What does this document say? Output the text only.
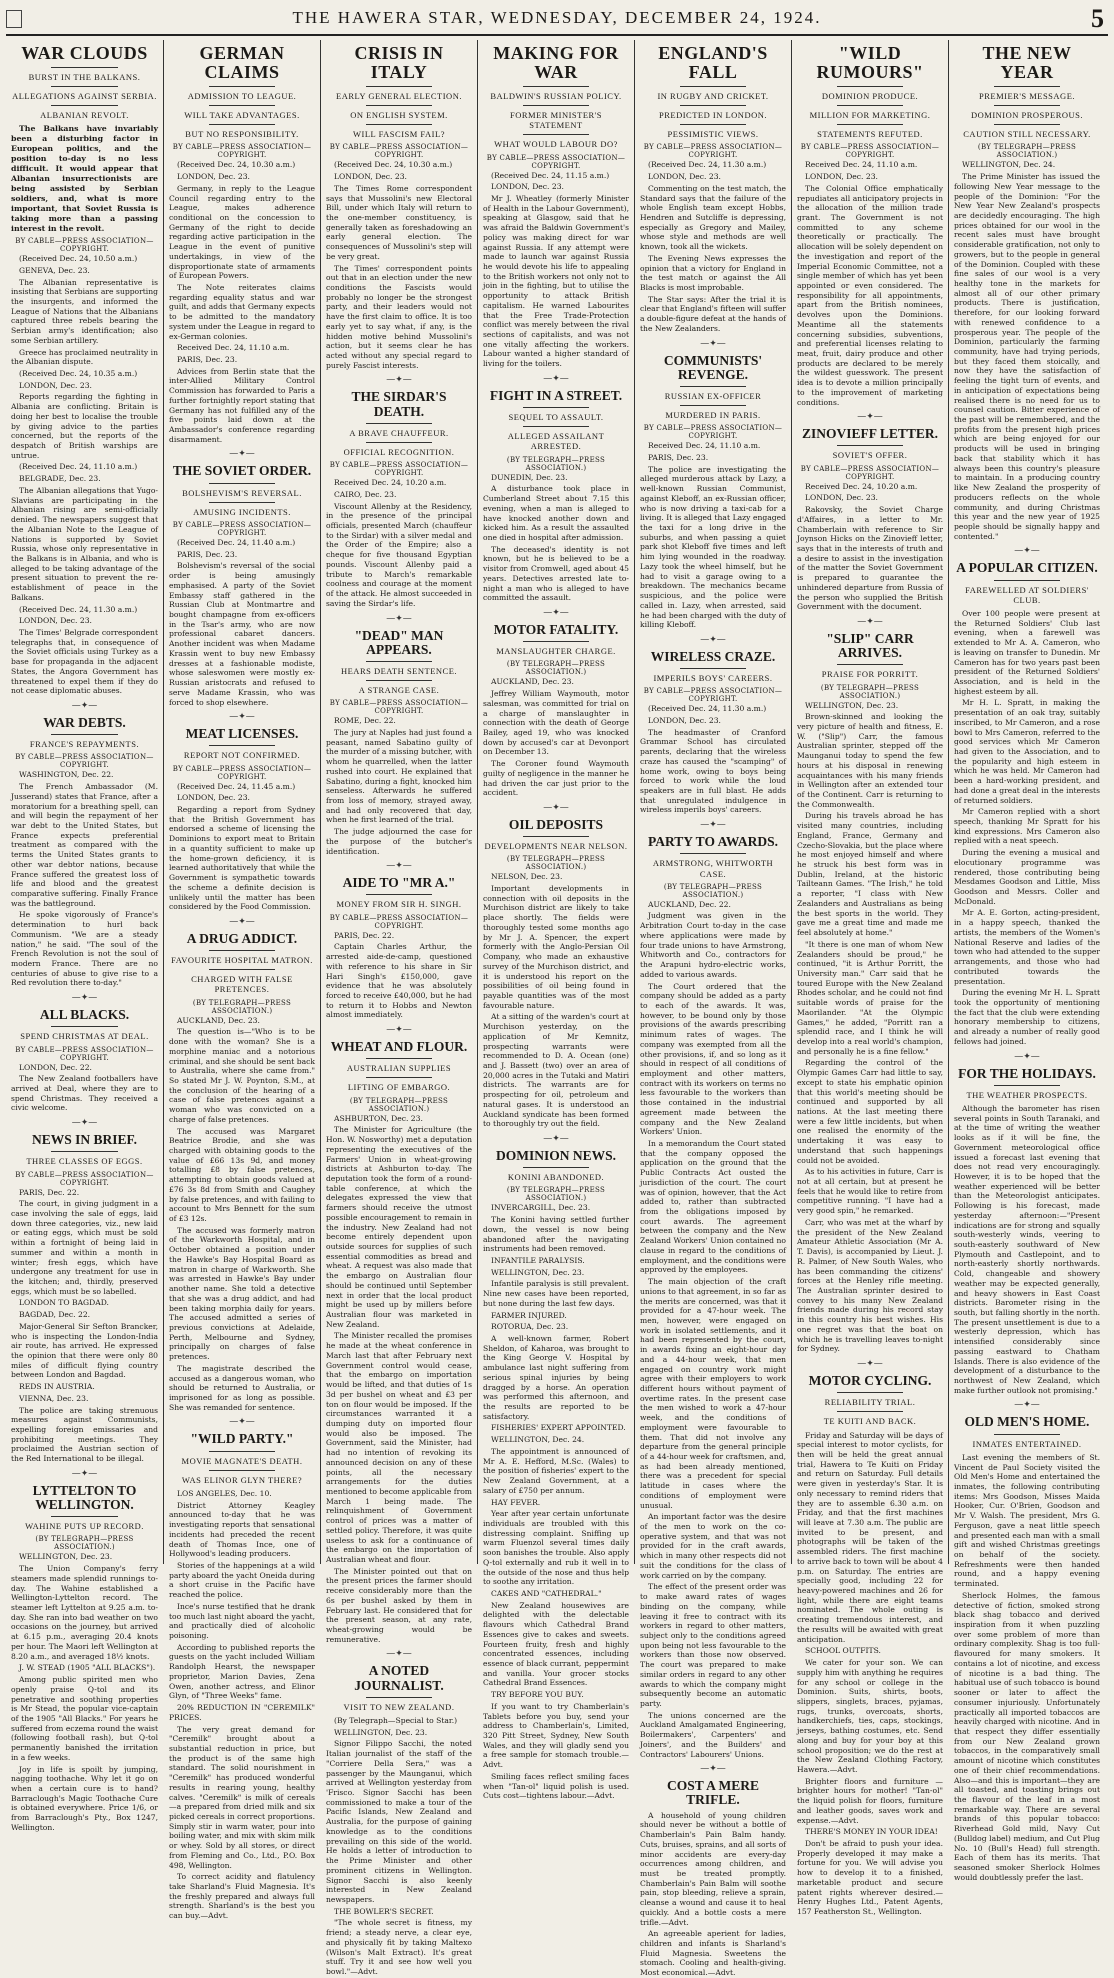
THE HAWERA STAR, WEDNESDAY, DECEMBER 24, 1924.	5
WAR CLOUDS
BURST IN THE BALKANS.
ALLEGATIONS AGAINST SERBIA.
ALBANIAN REVOLT.

The Balkans have invariably been a disturbing factor in European politics, and the position to-day is no less difficult. It would appear that Albanian insurrectionists are being assisted by Serbian soldiers, and, what is more important, that Soviet Russia is taking more than a passing interest in the revolt.

BY CABLE—PRESS ASSOCIATION—COPYRIGHT.

(Received Dec. 24, 10.50 a.m.)

GENEVA, Dec. 23.

The Albanian representative is insisting that Serbians are supporting the insurgents, and informed the League of Nations that the Albanians captured three rebels bearing the Serbian army's identification; also some Serbian artillery.

Greece has proclaimed neutrality in the Albanian dispute.

(Received Dec. 24, 10.35 a.m.)

LONDON, Dec. 23.

Reports regarding the fighting in Albania are conflicting. Britain is doing her best to localise the trouble by giving advice to the parties concerned, but the reports of the despatch of British warships are untrue.

(Received Dec. 24, 11.10 a.m.)

BELGRADE, Dec. 23.

The Albanian allegations that Yugo-Slavians are participating in the Albanian rising are semi-officially denied. The newspapers suggest that the Albanian Note to the League of Nations is supported by Soviet Russia, whose only representative in the Balkans is in Albania, and who is alleged to be taking advantage of the present situation to prevent the re-establishment of peace in the Balkans.

(Received Dec. 24, 11.30 a.m.)

LONDON, Dec. 23.

The Times' Belgrade correspondent telegraphs that, in consequence of the Soviet officials using Turkey as a base for propaganda in the adjacent States, the Angora Government has threatened to expel them if they do not cease diplomatic abuses.

—✦—
WAR DEBTS.
FRANCE'S REPAYMENTS.
BY CABLE—PRESS ASSOCIATION—COPYRIGHT.

WASHINGTON, Dec. 22.

The French Ambassador (M. Jusserand) states that France, after a moratorium for a breathing spell, can and will begin the repayment of her war debt to the United States, but France expects preferential treatment as compared with the terms the United States grants to other war debtor nations, because France suffered the greatest loss of life and blood and the greatest comparative suffering. Finally France was the battleground.

He spoke vigorously of France's determination to hurl back Communism. "We are a steady nation," he said. "The soul of the French Revolution is not the soul of modern France. There are no centuries of abuse to give rise to a Red revolution there to-day."

—✦—
ALL BLACKS.
SPEND CHRISTMAS AT DEAL.
BY CABLE—PRESS ASSOCIATION—COPYRIGHT.

LONDON, Dec. 22.

The New Zealand footballers have arrived at Deal, where they are to spend Christmas. They received a civic welcome.

—✦—
NEWS IN BRIEF.
THREE CLASSES OF EGGS.
BY CABLE—PRESS ASSOCIATION—COPYRIGHT.

PARIS, Dec. 22.

The court, in giving judgment in a case involving the sale of eggs, laid down three categories, viz., new laid or eating eggs, which must be sold within a fortnight of being laid in summer and within a month in winter; fresh eggs, which have undergone any treatment for use in the kitchen; and, thirdly, preserved eggs, which must be so labelled.

LONDON TO BAGDAD.

BAGDAD, Dec. 22.

Major-General Sir Sefton Brancker, who is inspecting the London-India air route, has arrived. He expressed the opinion that there were only 80 miles of difficult flying country between London and Bagdad.

REDS IN AUSTRIA.

VIENNA, Dec. 23.

The police are taking strenuous measures against Communists, expelling foreign emissaries and prohibiting meetings. They proclaimed the Austrian section of the Red International to be illegal.

—✦—
LYTTELTON TO WELLINGTON.
WAHINE PUTS UP RECORD.
(BY TELEGRAPH—PRESS ASSOCIATION.)

WELLINGTON, Dec. 23.

The Union Company's ferry steamers made splendid runnings to-day. The Wahine established a Wellington-Lyttelton record. The steamer left Lyttelton at 9.25 a.m. to-day. She ran into bad weather on two occasions on the journey, but arrived at 6.15 p.m., averaging 20.4 knots per hour. The Maori left Wellington at 8.20 a.m., and averaged 18½ knots.

J. W. STEAD (1905 "ALL BLACKS").

Among public spirited men who openly praise Q-tol and its penetrative and soothing properties is Mr Stead, the popular vice-captain of the 1905 "All Blacks." For years he suffered from eczema round the waist (following football rash), but Q-tol permanently banished the irritation in a few weeks.

Joy in life is spoilt by jumping, nagging toothache. Why let it go on when a certain cure is to hand? Barraclough's Magic Toothache Cure is obtained everywhere. Price 1/6, or from Barraclough's Pty., Box 1247, Wellington.

GERMAN CLAIMS
ADMISSION TO LEAGUE.
WILL TAKE ADVANTAGES.
BUT NO RESPONSIBILITY.
BY CABLE—PRESS ASSOCIATION—COPYRIGHT.

(Received Dec. 24, 10.30 a.m.)

LONDON, Dec. 23.

Germany, in reply to the League Council regarding entry to the League, makes adherence conditional on the concession to Germany of the right to decide regarding active participation in the League in the event of punitive undertakings, in view of the disproportionate state of armaments of European Powers.

The Note reiterates claims regarding equality status and war guilt, and adds that Germany expects to be admitted to the mandatory system under the League in regard to ex-German colonies.

Received Dec. 24, 11.10 a.m.

PARIS, Dec. 23.

Advices from Berlin state that the inter-Allied Military Control Commission has forwarded to Paris a further fortnightly report stating that Germany has not fulfilled any of the five points laid down at the Ambassador's conference regarding disarmament.

—✦—
THE SOVIET ORDER.
BOLSHEVISM'S REVERSAL.
AMUSING INCIDENTS.
BY CABLE—PRESS ASSOCIATION—COPYRIGHT.

(Received Dec. 24, 11.40 a.m.)

PARIS, Dec. 23.

Bolshevism's reversal of the social order is being amusingly emphasised. A party of the Soviet Embassy staff gathered in the Russian Club at Montmartre and bought champagne from ex-officers in the Tsar's army, who are now professional cabaret dancers. Another incident was when Madame Krassin went to buy new Embassy dresses at a fashionable modiste, whose saleswomen were mostly ex-Russian aristocrats and refused to serve Madame Krassin, who was forced to shop elsewhere.

—✦—
MEAT LICENSES.
REPORT NOT CONFIRMED.
BY CABLE—PRESS ASSOCIATION—COPYRIGHT.

(Received Dec. 24, 11.45 a.m.)

LONDON, Dec. 23.

Regarding a report from Sydney that the British Government has endorsed a scheme of licensing the Dominions to export meat to Britain in a quantity sufficient to make up the home-grown deficiency, it is learned authoritatively that while the Government is sympathetic towards the scheme a definite decision is unlikely until the matter has been considered by the Food Commission.

—✦—
A DRUG ADDICT.
FAVOURITE HOSPITAL MATRON.
CHARGED WITH FALSE PRETENCES.
(BY TELEGRAPH—PRESS ASSOCIATION.)

AUCKLAND, Dec. 23.

The question is—"Who is to be done with the woman? She is a morphine maniac and a notorious criminal, and she should be sent back to Australia, where she came from." So stated Mr J. W. Poynton, S.M., at the conclusion of the hearing of a case of false pretences against a woman who was convicted on a charge of false pretences.

The accused was Margaret Beatrice Brodie, and she was charged with obtaining goods to the value of £66 13s 9d, and money totalling £8 by false pretences, attempting to obtain goods valued at £76 3s 8d from Smith and Caughey by false pretences, and with failing to account to Mrs Bennett for the sum of £3 12s.

The accused was formerly matron of the Warkworth Hospital, and in October obtained a position under the Hawke's Bay Hospital Board as matron in charge of Warkworth. She was arrested in Hawke's Bay under another name. She told a detective that she was a drug addict, and had been taking morphia daily for years. The accused admitted a series of previous convictions at Adelaide, Perth, Melbourne and Sydney, principally on charges of false pretences.

The magistrate described the accused as a dangerous woman, who should be returned to Australia, or imprisoned for as long as possible. She was remanded for sentence.

—✦—
"WILD PARTY."
MOVIE MAGNATE'S DEATH.
WAS ELINOR GLYN THERE?

LOS ANGELES, Dec. 10.

District Attorney Keagley announced to-day that he was investigating reports that sensational incidents had preceded the recent death of Thomas Ince, one of Hollywood's leading producers.

Stories of the happenings at a wild party aboard the yacht Oneida during a short cruise in the Pacific have reached the police.

Ince's nurse testified that he drank too much last night aboard the yacht, and practically died of alcoholic poisoning.

According to published reports the guests on the yacht included William Randolph Hearst, the newspaper proprietor, Marion Davies, Zena Owen, another actress, and Elinor Glyn, of "Three Weeks" fame.

20% REDUCTION IN "CEREMILK" PRICES.

The very great demand for "Ceremilk" brought about a substantial reduction in price, but the product is of the same high standard. The solid nourishment in "Ceremilk" has produced wonderful results in rearing young, healthy calves. "Ceremilk" is milk of cereals—a prepared from dried milk and six picked cereals in correct proportions. Simply stir in warm water, pour into boiling water, and mix with skim milk or whey. Sold by all stores, or direct from Fleming and Co., Ltd., P.O. Box 498, Wellington.

To correct acidity and flatulency take Sharland's Fluid Magnesia. It's the freshly prepared and always full strength. Sharland's is the best you can buy.—Advt.

CRISIS IN ITALY
EARLY GENERAL ELECTION.
ON ENGLISH SYSTEM.
WILL FASCISM FAIL?
BY CABLE—PRESS ASSOCIATION—COPYRIGHT.

(Received Dec. 24, 10.30 a.m.)

LONDON, Dec. 23.

The Times Rome correspondent says that Mussolini's new Electoral Bill, under which Italy will return to the one-member constituency, is generally taken as foreshadowing an early general election. The consequences of Mussolini's step will be very great.

The Times' correspondent points out that in an election under the new conditions the Fascists would probably no longer be the strongest party, and their leaders would not have the first claim to office. It is too early yet to say what, if any, is the hidden motive behind Mussolini's action, but it seems clear he has acted without any special regard to purely Fascist interests.

—✦—
THE SIRDAR'S DEATH.
A BRAVE CHAUFFEUR.
OFFICIAL RECOGNITION.
BY CABLE—PRESS ASSOCIATION—COPYRIGHT.

Received Dec. 24, 10.20 a.m.

CAIRO, Dec. 23.

Viscount Allenby at the Residency, in the presence of the principal officials, presented March (chauffeur to the Sirdar) with a silver medal and the Order of the Empire; also a cheque for five thousand Egyptian pounds. Viscount Allenby paid a tribute to March's remarkable coolness and courage at the moment of the attack. He almost succeeded in saving the Sirdar's life.

—✦—
"DEAD" MAN APPEARS.
HEARS DEATH SENTENCE.
A STRANGE CASE.
BY CABLE—PRESS ASSOCIATION—COPYRIGHT.

ROME, Dec. 22.

The jury at Naples had just found a peasant, named Sabatino guilty of the murder of a missing butcher, with whom he quarrelled, when the latter rushed into court. He explained that Sabatino, during a fight, knocked him senseless. Afterwards he suffered from loss of memory, strayed away, and had only recovered that day, when he first learned of the trial.

The judge adjourned the case for the purpose of the butcher's identification.

—✦—
AIDE TO "MR A."
MONEY FROM SIR H. SINGH.
BY CABLE—PRESS ASSOCIATION—COPYRIGHT.

PARIS, Dec. 22.

Captain Charles Arthur, the arrested aide-de-camp, questioned with reference to his share in Sir Hari Singh's £150,000, gave evidence that he was absolutely forced to receive £40,000, but he had to return it to Hobbs and Newton almost immediately.

—✦—
WHEAT AND FLOUR.
AUSTRALIAN SUPPLIES
LIFTING OF EMBARGO.
(BY TELEGRAPH—PRESS ASSOCIATION.)

ASHBURTON, Dec. 23.

The Minister for Agriculture (the Hon. W. Nosworthy) met a deputation representing the executives of the Farmers' Union in wheat-growing districts at Ashburton to-day. The deputation took the form of a round-table conference, at which the delegates expressed the view that farmers should receive the utmost possible encouragement to remain in the industry. New Zealand had not become entirely dependent upon outside sources for supplies of such essential commodities as bread and wheat. A request was also made that the embargo on Australian flour should be continued until September next in order that the local product might be used up by millers before Australian flour was marketed in New Zealand.

The Minister recalled the promises he made at the wheat conference in March last that after February next Government control would cease, that the embargo on importation would be lifted, and that duties of 1s 3d per bushel on wheat and £3 per ton on flour would be imposed. If the circumstances warranted it a dumping duty on imported flour would also be imposed. The Government, said the Minister, had had no intention of revoking its announced decision on any of these points, all the necessary arrangements for the duties mentioned to become applicable from March 1 being made. The relinquishment of Government control of prices was a matter of settled policy. Therefore, it was quite useless to ask for a continuance of the embargo on the importation of Australian wheat and flour.

The Minister pointed out that on the present prices the farmer should receive considerably more than the 6s per bushel asked by them in February last. He considered that for the present season, at any rate, wheat-growing would be remunerative.

—✦—
A NOTED JOURNALIST.
VISIT TO NEW ZEALAND.

(By Telegraph—Special to Star.)

WELLINGTON, Dec. 23.

Signor Filippo Sacchi, the noted Italian journalist of the staff of the "Corriere Della Sera," was a passenger by the Maunganui, which arrived at Wellington yesterday from 'Frisco. Signor Sacchi has been commissioned to make a tour of the Pacific Islands, New Zealand and Australia, for the purpose of gaining knowledge as to the conditions prevailing on this side of the world. He holds a letter of introduction to the Prime Minister and other prominent citizens in Wellington. Signor Sacchi is also keenly interested in New Zealand newspapers.

THE BOWLER'S SECRET.

"The whole secret is fitness, my friend; a steady nerve, a clear eye, and physically fit by taking Maltexo (Wilson's Malt Extract). It's great stuff. Try it and see how well you bowl."—Advt.

MAKING FOR WAR
BALDWIN'S RUSSIAN POLICY.
FORMER MINISTER'S STATEMENT
WHAT WOULD LABOUR DO?
BY CABLE—PRESS ASSOCIATION—COPYRIGHT.

(Received Dec. 24, 11.15 a.m.)

LONDON, Dec. 23.

Mr J. Wheatley (formerly Minister of Health in the Labour Government), speaking at Glasgow, said that he was afraid the Baldwin Government's policy was making direct for war against Russia. If any attempt were made to launch war against Russia he would devote his life to appealing to the British workers not only not to join in the fighting, but to utilise the opportunity to attack British capitalism. He warned Labourites that the Free Trade-Protection conflict was merely between the rival sections of capitalists, and was not one vitally affecting the workers. Labour wanted a higher standard of living for the toilers.

—✦—
FIGHT IN A STREET.
SEQUEL TO ASSAULT.
ALLEGED ASSAILANT ARRESTED.
(BY TELEGRAPH—PRESS ASSOCIATION.)

DUNEDIN, Dec. 23.

A disturbance took place in Cumberland Street about 7.15 this evening, when a man is alleged to have knocked another down and kicked him. As a result the assaulted one died in hospital after admission.

The deceased's identity is not known, but he is believed to be a visitor from Cromwell, aged about 45 years. Detectives arrested late to-night a man who is alleged to have committed the assault.

—✦—
MOTOR FATALITY.
MANSLAUGHTER CHARGE.
(BY TELEGRAPH—PRESS ASSOCIATION.)

AUCKLAND, Dec. 23.

Jeffrey William Waymouth, motor salesman, was committed for trial on a charge of manslaughter in connection with the death of George Bailey, aged 19, who was knocked down by accused's car at Devonport on December 13.

The Coroner found Waymouth guilty of negligence in the manner he had driven the car just prior to the accident.

—✦—
OIL DEPOSITS
DEVELOPMENTS NEAR NELSON.
(BY TELEGRAPH—PRESS ASSOCIATION.)

NELSON, Dec. 23.

Important developments in connection with oil deposits in the Murchison district are likely to take place shortly. The fields were thoroughly tested some months ago by Mr J. A. Spencer, the expert formerly with the Anglo-Persian Oil Company, who made an exhaustive survey of the Murchison district, and it is understood his report on the possibilities of oil being found in payable quantities was of the most favourable nature.

At a sitting of the warden's court at Murchison yesterday, on the application of Mr Kemnitz, prospecting warrants were recommended to D. A. Ocean (one) and J. Bassett (two) over an area of 20,000 acres in the Tutaki and Matiri districts. The warrants are for prospecting for oil, petroleum and natural gases. It is understood an Auckland syndicate has been formed to thoroughly try out the field.

—✦—
DOMINION NEWS.
KONINI ABANDONED.
(BY TELEGRAPH—PRESS ASSOCIATION.)

INVERCARGILL, Dec. 23.

The Konini having settled further down, the vessel is now being abandoned after the navigating instruments had been removed.

INFANTILE PARALYSIS.

WELLINGTON, Dec. 23.

Infantile paralysis is still prevalent. Nine new cases have been reported, but none during the last few days.

FARMER INJURED.

ROTORUA, Dec. 23.

A well-known farmer, Robert Sheldon, of Kaharoa, was brought to the King George V. Hospital by ambulance last night suffering from serious spinal injuries by being dragged by a horse. An operation was performed this afternoon, and the results are reported to be satisfactory.

FISHERIES' EXPERT APPOINTED.

WELLINGTON, Dec. 24.

The appointment is announced of Mr A. E. Hefford, M.Sc. (Wales) to the position of fisheries' expert to the New Zealand Government, at a salary of £750 per annum.

HAY FEVER.

Year after year certain unfortunate individuals are troubled with this distressing complaint. Sniffing up warm Fluenzol several times daily soon banishes the trouble. Also apply Q-tol externally and rub it well in to the outside of the nose and thus help to soothe any irritation.

CAKES AND "CATHEDRAL."

New Zealand housewives are delighted with the delectable flavours which Cathedral Brand Essences give to cakes and sweets. Fourteen fruity, fresh and highly concentrated essences, including essence of black currant, peppermint and vanilla. Your grocer stocks Cathedral Brand Essences.

TRY BEFORE YOU BUY.

If you want to try Chamberlain's Tablets before you buy, send your address to Chamberlain's, Limited, 320 Pitt Street, Sydney, New South Wales, and they will gladly send you a free sample for stomach trouble.—Advt.

Smiling faces reflect smiling faces when "Tan-ol" liquid polish is used. Cuts cost—tightens labour.—Advt.

ENGLAND'S FALL
IN RUGBY AND CRICKET.
PREDICTED IN LONDON.
PESSIMISTIC VIEWS.
BY CABLE—PRESS ASSOCIATION—COPYRIGHT.

(Received Dec. 24, 11.30 a.m.)

LONDON, Dec. 23.

Commenting on the test match, the Standard says that the failure of the whole English team except Hobbs, Hendren and Sutcliffe is depressing, especially as Gregory and Mailey, whose style and methods are well known, took all the wickets.

The Evening News expresses the opinion that a victory for England in the test match or against the All Blacks is most improbable.

The Star says: After the trial it is clear that England's fifteen will suffer a double-figure defeat at the hands of the New Zealanders.

—✦—
COMMUNISTS' REVENGE.
RUSSIAN EX-OFFICER
MURDERED IN PARIS.
BY CABLE—PRESS ASSOCIATION—COPYRIGHT.

Received Dec. 24, 11.10 a.m.

PARIS, Dec. 23.

The police are investigating the alleged murderous attack by Lazy, a well-known Russian Communist, against Kleboff, an ex-Russian officer, who is now driving a taxi-cab for a living. It is alleged that Lazy engaged the taxi for a long drive in the suburbs, and when passing a quiet park shot Kleboff five times and left him lying wounded in the roadway. Lazy took the wheel himself, but he had to visit a garage owing to a breakdown. The mechanics became suspicious, and the police were called in. Lazy, when arrested, said he had been charged with the duty of killing Kleboff.

—✦—
WIRELESS CRAZE.
IMPERILS BOYS' CAREERS.
BY CABLE—PRESS ASSOCIATION—COPYRIGHT.

(Received Dec. 24, 11.30 a.m.)

LONDON, Dec. 23.

The headmaster of Cranford Grammar School has circulated parents, declaring that the wireless craze has caused the "scamping" of home work, owing to boys being forced to work while the loud speakers are in full blast. He adds that unregulated indulgence in wireless imperils boys' careers.

—✦—
PARTY TO AWARDS.
ARMSTRONG, WHITWORTH CASE.
(BY TELEGRAPH—PRESS ASSOCIATION.)

AUCKLAND, Dec. 22.

Judgment was given in the Arbitration Court to-day in the case where applications were made by four trade unions to have Armstrong, Whitworth and Co., contractors for the Arapuni hydro-electric works, added to various awards.

The Court ordered that the company should be added as a party to each of the awards. It was, however, to be bound only by those provisions of the awards prescribing minimum rates of wages. The company was exempted from all the other provisions, if, and so long as it should in respect of all conditions of employment and other matters, contract with its workers on terms no less favourable to the workers than those contained in the industrial agreement made between the company and the New Zealand Workers' Union.

In a memorandum the Court stated that the company opposed the application on the ground that the Public Contracts Act ousted the jurisdiction of the court. The court was of opinion, however, that the Act added to, rather than subtracted from the obligations imposed by court awards. The agreement between the company and the New Zealand Workers' Union contained no clause in regard to the conditions of employment, and the conditions were approved by the employees.

The main objection of the craft unions to that agreement, in so far as the merits are concerned, was that it provided for a 47-hour week. The men, however, were engaged on work in isolated settlements, and it had been represented by the court, in awards fixing an eight-hour day and a 44-hour week, that men engaged on country work might agree with their employers to work different hours without payment of overtime rates. In the present case the men wished to work a 47-hour week, and the conditions of employment were favourable to them. That did not involve any departure from the general principle of a 44-hour week for craftsmen, and, as had been already mentioned, there was a precedent for special latitude in cases where the conditions of employment were unusual.

An important factor was the desire of the men to work on the co-operative system, and that was not provided for in the craft awards, which in many other respects did not suit the conditions for the class of work carried on by the company.

The effect of the present order was to make award rates of wages binding on the company, while leaving it free to contract with its workers in regard to other matters, subject only to the conditions agreed upon being not less favourable to the workers than those now observed. The court was prepared to make similar orders in regard to any other awards to which the company might subsequently become an automatic party.

The unions concerned are the Auckland Amalgamated Engineering, Boilermakers', Carpenters' and Joiners', and the Builders' and Contractors' Labourers' Unions.

—✦—
COST A MERE TRIFLE.

A household of young children should never be without a bottle of Chamberlain's Pain Balm handy. Cuts, bruises, sprains, and all sorts of minor accidents are every-day occurrences among children, and must be treated promptly. Chamberlain's Pain Balm will soothe pain, stop bleeding, relieve a sprain, cleanse a wound and cause it to heal quickly. And a bottle costs a mere trifle.—Advt.

An agreeable aperient for ladies, children and infants is Sharland's Fluid Magnesia. Sweetens the stomach. Cooling and health-giving. Most economical.—Advt.

"WILD RUMOURS"
DOMINION PRODUCE.
MILLION FOR MARKETING.
STATEMENTS REFUTED.
BY CABLE—PRESS ASSOCIATION—COPYRIGHT.

Received Dec. 24, 11.10 a.m.

LONDON, Dec. 23.

The Colonial Office emphatically repudiates all anticipatory projects in the allocation of the million trade grant. The Government is not committed to any scheme theoretically or practically. The allocation will be solely dependent on the investigation and report of the Imperial Economic Committee, not a single member of which has yet been appointed or even considered. The responsibility for all appointments, apart from the British nominees, devolves upon the Dominions. Meantime all the statements concerning subsidies, subventions, and preferential licenses relating to meat, fruit, dairy produce and other products are declared to be merely the wildest guesswork. The present idea is to devote a million principally to the improvement of marketing conditions.

—✦—
ZINOVIEFF LETTER.
SOVIET'S OFFER.
BY CABLE—PRESS ASSOCIATION—COPYRIGHT.

Received Dec. 24, 10.20 a.m.

LONDON, Dec. 23.

Rakovsky, the Soviet Charge d'Affaires, in a letter to Mr. Chamberlain with reference to Sir Joynson Hicks on the Zinovieff letter, says that in the interests of truth and a desire to assist in the investigation of the matter the Soviet Government is prepared to guarantee the unhindered departure from Russia of the person who supplied the British Government with the document.

—✦—
"SLIP" CARR ARRIVES.
PRAISE FOR PORRITT.
(BY TELEGRAPH—PRESS ASSOCIATION.)

WELLINGTON, Dec. 23.

Brown-skinned and looking the very picture of health and fitness, E. W. ("Slip") Carr, the famous Australian sprinter, stepped off the Maunganui today to spend the few hours at his disposal in renewing acquaintances with his many friends in Wellington after an extended tour of the Continent. Carr is returning to the Commonwealth.

During his travels abroad he has visited many countries, including England, France, Germany and Czecho-Slovakia, but the place where he most enjoyed himself and where he struck his best form was in Dublin, Ireland, at the historic Tailteann Games. "The Irish," he told a reporter, "I class with New Zealanders and Australians as being the best sports in the world. They gave me a great time and made me feel absolutely at home."

"It there is one man of whom New Zealanders should be proud," he continued, "it is Arthur Porritt, the University man." Carr said that he toured Europe with the New Zealand Rhodes scholar, and he could not find suitable words of praise for the Maorilander. "At the Olympic Games," he added, "Porritt ran a splendid race, and I think he will develop into a real world's champion, and personally he is a fine fellow."

Regarding the control of the Olympic Games Carr had little to say, except to state his emphatic opinion that this world's meeting should be continued and supported by all nations. At the last meeting there were a few little incidents, but when one realised the enormity of the undertaking it was easy to understand that such happenings could not be avoided.

As to his activities in future, Carr is not at all certain, but at present he feels that he would like to retire from competitive running. "I have had a very good spin," he remarked.

Carr, who was met at the wharf by the president of the New Zealand Amateur Athletic Association (Mr A. T. Davis), is accompanied by Lieut. J. R. Palmer, of New South Wales, who has been commanding the citizens' forces at the Henley rifle meeting. The Australian sprinter desired to convey to his many New Zealand friends made during his record stay in this country his best wishes. His one regret was that the boat on which he is travelling leaves to-night for Sydney.

—✦—
MOTOR CYCLING.
RELIABILITY TRIAL.
TE KUITI AND BACK.

Friday and Saturday will be days of special interest to motor cyclists, for then will be held the great annual trial, Hawera to Te Kuiti on Friday and return on Saturday. Full details were given in yesterday's Star. It is only necessary to remind riders that they are to assemble 6.30 a.m. on Friday, and that the first machines will leave at 7.30 a.m. The public are invited to be present, and photographs will be taken of the assembled riders. The first machine to arrive back to town will be about 4 p.m. on Saturday. The entries are specially good, including 22 for heavy-powered machines and 26 for light, while there are eight teams nominated. The whole outing is creating tremendous interest, and the results will be awaited with great anticipation.

SCHOOL OUTFITS.

We cater for your son. We can supply him with anything he requires for any school or college in the Dominion. Suits, shirts, boots, slippers, singlets, braces, pyjamas, rugs, trunks, overcoats, shorts, handkerchiefs, ties, caps, stockings, jerseys, bathing costumes, etc. Send along and buy for your boy at this school proposition; we do the rest at the New Zealand Clothing Factory, Hawera.—Advt.

Brighter floors and furniture — brighter hours for mother! "Tan-ol" the liquid polish for floors, furniture and leather goods, saves work and expense.—Advt.

THERE'S MONEY IN YOUR IDEA!

Don't be afraid to push your idea. Properly developed it may make a fortune for you. We will advise you how to develop it to a finished, marketable product and secure patent rights wherever desired.—Henry Hughes Ltd., Patent Agents, 157 Featherston St., Wellington.

THE NEW YEAR
PREMIER'S MESSAGE.
DOMINION PROSPEROUS.
CAUTION STILL NECESSARY.
(BY TELEGRAPH—PRESS ASSOCIATION.)

WELLINGTON, Dec. 24.

The Prime Minister has issued the following New Year message to the people of the Dominion: "For the New Year New Zealand's prospects are decidedly encouraging. The high prices obtained for our wool in the recent sales must have brought considerable gratification, not only to growers, but to the people in general of the Dominion. Coupled with these fine sales of our wool is a very healthy tone in the markets for almost all of our other primary products. There is justification, therefore, for our looking forward with renewed confidence to a prosperous year. The people of the Dominion, particularly the farming community, have had trying periods, but they faced them stoically, and now they have the satisfaction of feeling the tight turn of events, and in anticipation of expectations being realised there is no need for us to counsel caution. Bitter experience of the past will be remembered, and the profits from the present high prices which are being enjoyed for our products will be used in bringing back that stability which it has always been this country's pleasure to maintain. In a producing country like New Zealand the prosperity of producers reflects on the whole community, and during Christmas this year and the new year of 1925 people should be signally happy and contented."

—✦—
A POPULAR CITIZEN.
FAREWELLED AT SOLDIERS' CLUB.

Over 100 people were present at the Returned Soldiers' Club last evening, when a farewell was extended to Mr A. A. Cameron, who is leaving on transfer to Dunedin. Mr Cameron has for two years past been president of the Returned Soldiers' Association, and is held in the highest esteem by all.

Mr H. L. Spratt, in making the presentation of an oak tray, suitably inscribed, to Mr Cameron, and a rose bowl to Mrs Cameron, referred to the good services which Mr Cameron had given to the Association, and to the popularity and high esteem in which he was held. Mr Cameron had been a hard-working president, and had done a great deal in the interests of returned soldiers.

Mr Cameron replied with a short speech, thanking Mr Spratt for his kind expressions. Mrs Cameron also replied with a neat speech.

During the evening a musical and elocutionary programme was rendered, those contributing being Mesdames Goodson and Little, Miss Goodson and Messrs. Coller and McDonald.

Mr A. E. Gorton, acting-president, in a happy speech, thanked the artists, the members of the Women's National Reserve and ladies of the town who had attended to the supper arrangements, and those who had contributed towards the presentation.

During the evening Mr H. L. Spratt took the opportunity of mentioning the fact that the club were extending honorary membership to citizens, and already a number of really good fellows had joined.

—✦—
FOR THE HOLIDAYS.
THE WEATHER PROSPECTS.

Although the barometer has risen several points in South Taranaki, and at the time of writing the weather looks as if it will be fine, the Government meteorological office issued a forecast last evening that does not read very encouragingly. However, it is to be hoped that the weather experienced will be better than the Meteorologist anticipates. Following is his forecast, made yesterday afternoon:—"Present indications are for strong and squally south-westerly winds, veering to south-easterly southward of New Plymouth and Castlepoint, and to north-easterly shortly northwards. Cold, changeable and showery weather may be expected generally, and heavy showers in East Coast districts. Barometer rising in the south, but falling shortly in the north. The present unsettlement is due to a westerly depression, which has intensified considerably since passing eastward to Chatham Islands. There is also evidence of the development of a disturbance to the northwest of New Zealand, which make further outlook not promising."

—✦—
OLD MEN'S HOME.
INMATES ENTERTAINED.

Last evening the members of St. Vincent de Paul Society visited the Old Men's Home and entertained the inmates, the following contributing items: Mrs Goodson, Misses Maida Hooker, Cur. O'Brien, Goodson and Mr V. Walsh. The president, Mrs G. Ferguson, gave a neat little speech and presented each man with a small gift and wished Christmas greetings on behalf of the society. Refreshments were then handed round, and a happy evening terminated.

Sherlock Holmes, the famous detective of fiction, smoked strong black shag tobacco and derived inspiration from it when puzzling over some problem of more than ordinary complexity. Shag is too full-flavoured for many smokers. It contains a lot of nicotine, and excess of nicotine is a bad thing. The habitual use of such tobacco is bound sooner or later to affect the consumer injuriously. Unfortunately practically all imported tobaccos are heavily charged with nicotine. And in that respect they differ essentially from our New Zealand grown tobaccos, in the comparatively small amount of nicotine which constitutes one of their chief recommendations. Also—and this is important—they are all toasted, and toasting brings out the flavour of the leaf in a most remarkable way. There are several brands of this popular tobacco: Riverhead Gold mild, Navy Cut (Bulldog label) medium, and Cut Plug No. 10 (Bull's Head) full strength. Each of them has its merits. That seasoned smoker Sherlock Holmes would doubtlessly prefer the last.
